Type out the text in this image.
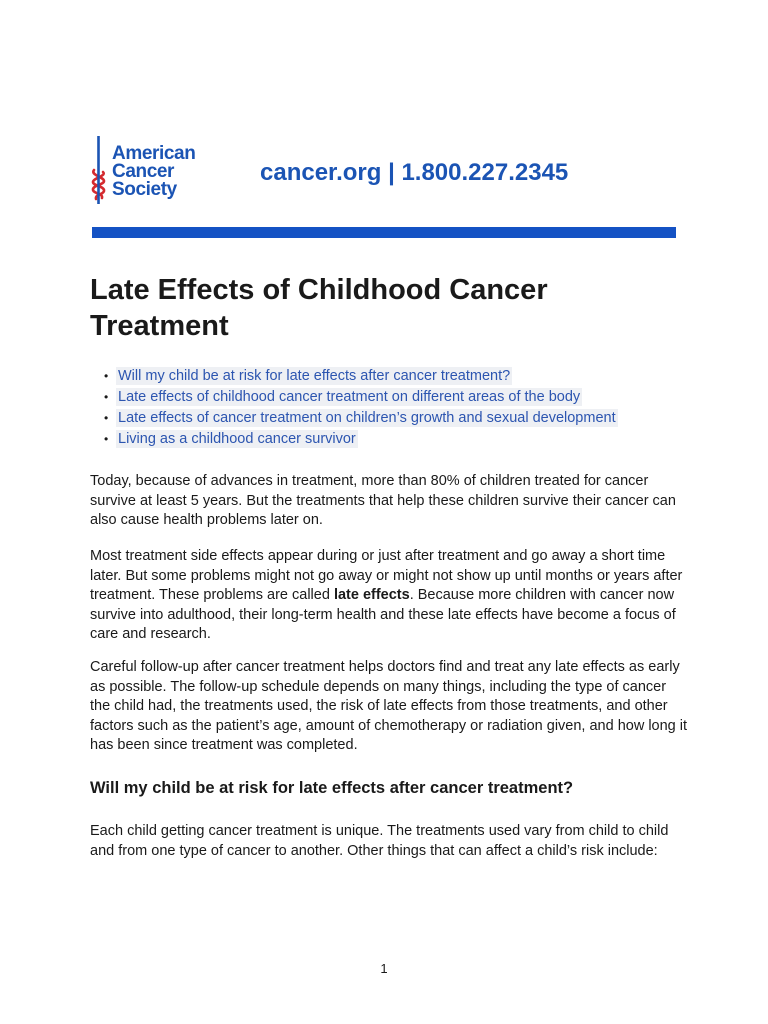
American
Cancer
Society
cancer.org | 1.800.227.2345
Late Effects of Childhood Cancer Treatment
• Will my child be at risk for late effects after cancer treatment?
• Late effects of childhood cancer treatment on different areas of the body
• Late effects of cancer treatment on children’s growth and sexual development
• Living as a childhood cancer survivor

Today, because of advances in treatment, more than 80% of children treated for cancer survive at least 5 years. But the treatments that help these children survive their cancer can also cause health problems later on.

Most treatment side effects appear during or just after treatment and go away a short time later. But some problems might not go away or might not show up until months or years after treatment. These problems are called late effects. Because more children with cancer now survive into adulthood, their long-term health and these late effects have become a focus of care and research.

Careful follow-up after cancer treatment helps doctors find and treat any late effects as early as possible. The follow-up schedule depends on many things, including the type of cancer the child had, the treatments used, the risk of late effects from those treatments, and other factors such as the patient’s age, amount of chemotherapy or radiation given, and how long it has been since treatment was completed.

Will my child be at risk for late effects after cancer treatment?

Each child getting cancer treatment is unique. The treatments used vary from child to child and from one type of cancer to another. Other things that can affect a child’s risk include:

1
